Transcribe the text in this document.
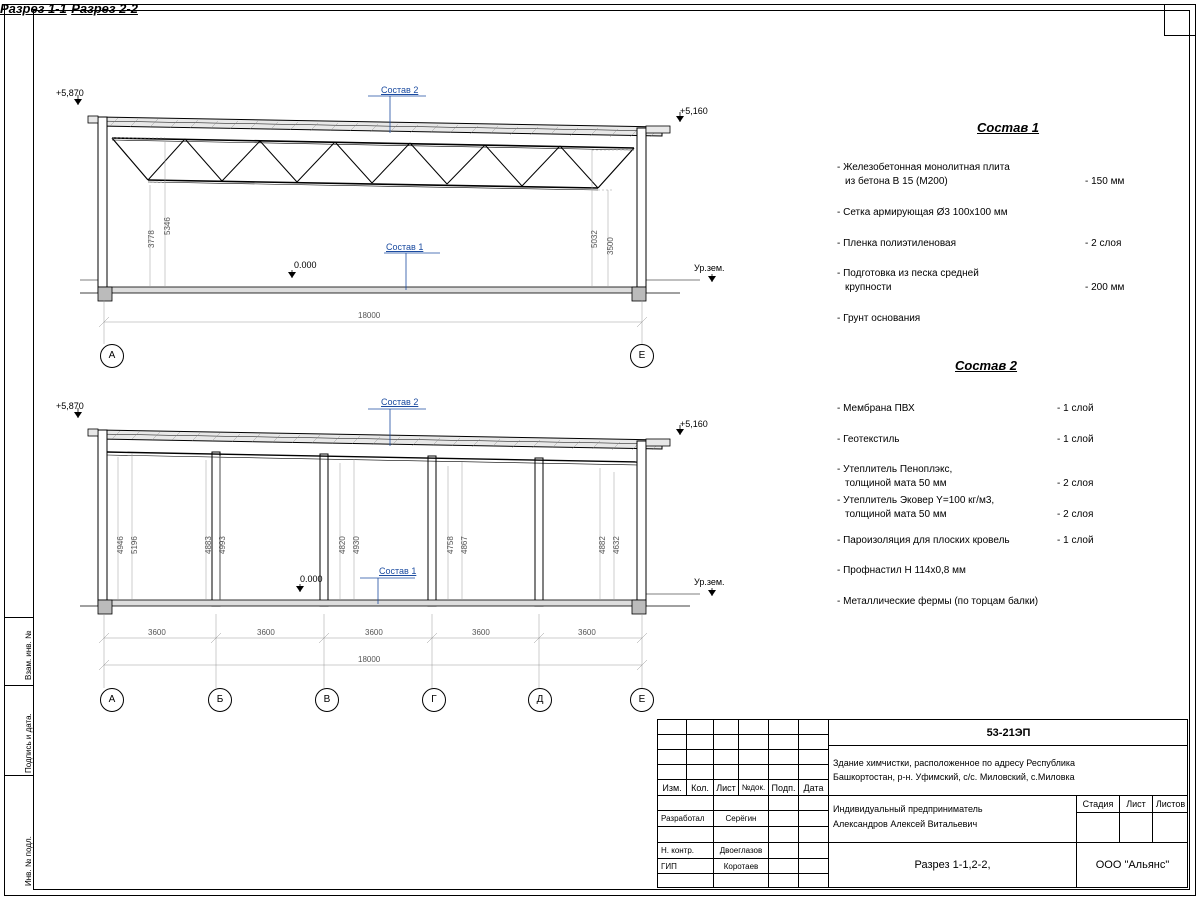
Взам. инв. №
Подпись и дата.
Инв. № подл.
Разрез 1-1
+5,870
+5,160
0.000	Ур.зем.
Состав 2
Состав 1
3778
5346
5032 3500
18000
А	Е
Разрез 2-2
+5,870
+5,160
0.000	Ур.зем.
Состав 2
Состав 1
4946 5196	4883 4993	4820 4930	4758 4867	4882 4632
3600	3600	3600	3600	3600
18000
А	Б	В	Г	Д	Е
Состав 1
- Железобетонная монолитная плита
из бетона В 15 (М200)	- 150 мм
- Сетка армирующая Ø3 100х100 мм
- Пленка полиэтиленовая	- 2 слоя
- Подготовка из песка средней
крупности	- 200 мм
- Грунт основания
Состав 2
- Мембрана ПВХ	- 1 слой
- Геотекстиль	- 1 слой
- Утеплитель Пеноплэкс,
толщиной мата 50 мм	- 2 слоя
- Утеплитель Эковер Y=100 кг/м3,
толщиной мата 50 мм	- 2 слоя
- Пароизоляция для плоских кровель	- 1 слой
- Профнастил Н 114х0,8 мм
- Металлические фермы (по торцам балки)
Изм.	Кол. Лист №док. Подп. Дата
Разработал	Серёгин
Н. контр.	Двоеглазов
ГИП	Коротаев
53-21ЭП
Здание химчистки, расположенное по адресу Республика
Башкортостан, р-н. Уфимский, с/с. Миловский, с.Миловка
Индивидуальный предприниматель
Александров Алексей Витальевич
Стадия	Лист	Листов
Разрез 1-1,2-2,	ООО "Альянс"
